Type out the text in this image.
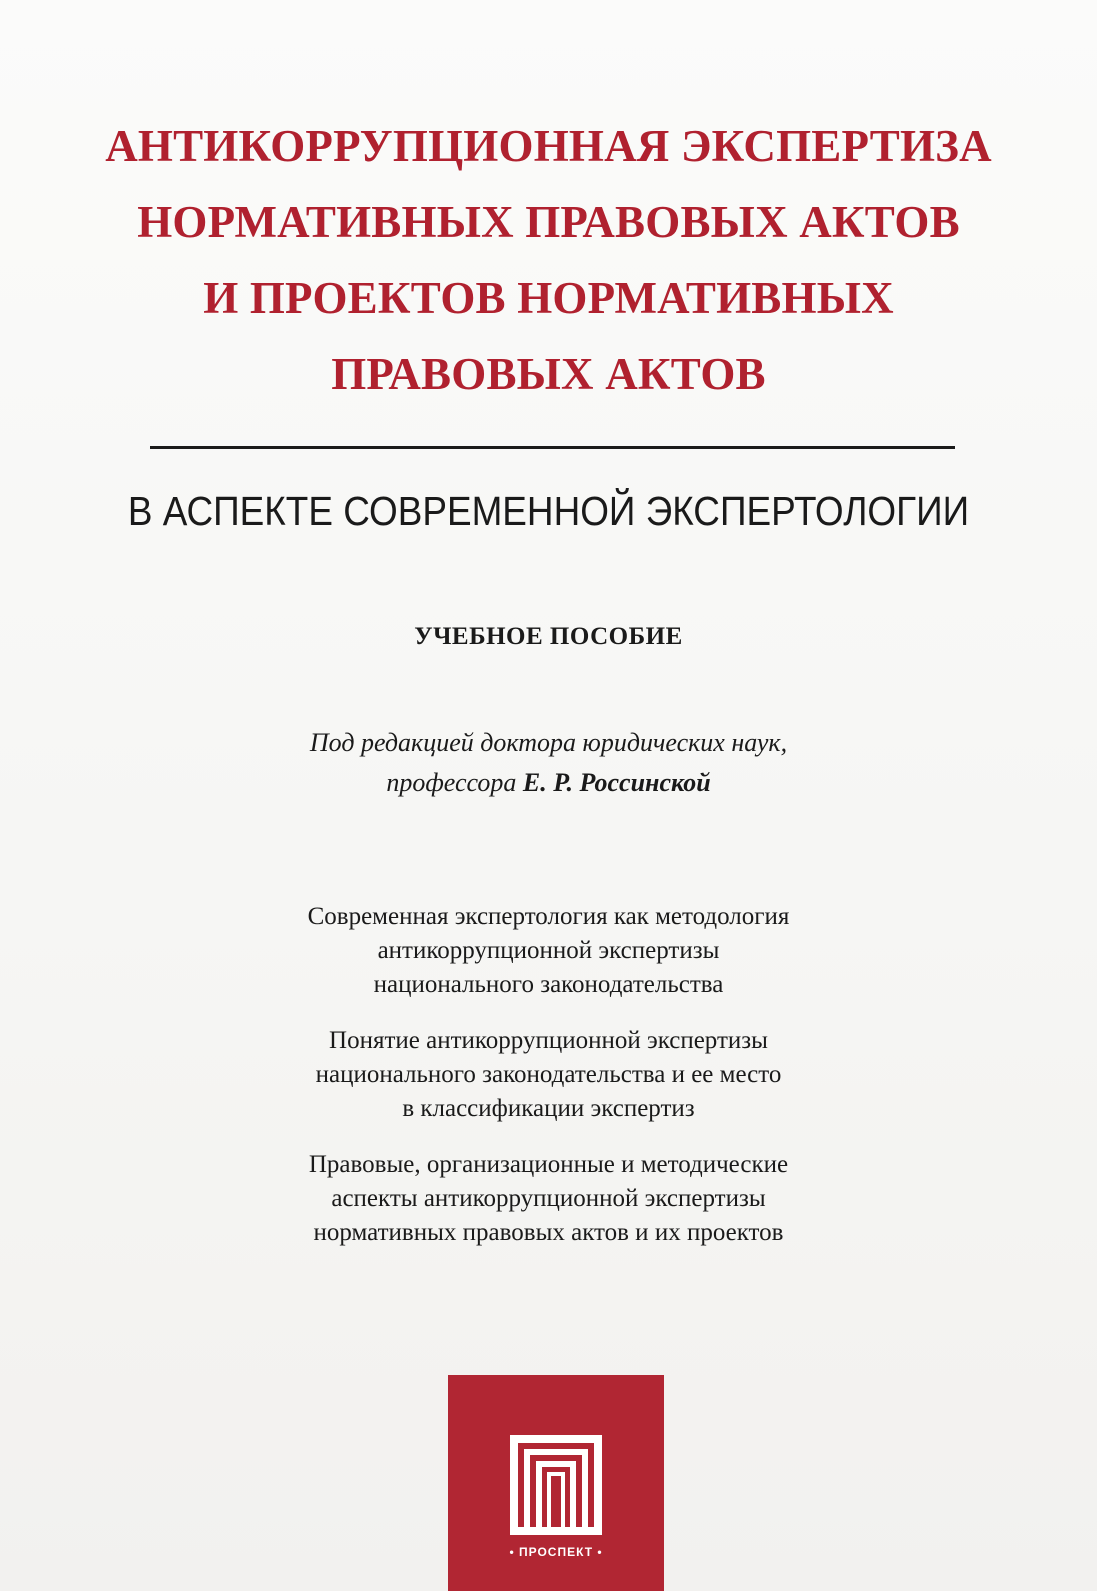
АНТИКОРРУПЦИОННАЯ ЭКСПЕРТИЗА
НОРМАТИВНЫХ ПРАВОВЫХ АКТОВ
И ПРОЕКТОВ НОРМАТИВНЫХ
ПРАВОВЫХ АКТОВ
В АСПЕКТЕ СОВРЕМЕННОЙ ЭКСПЕРТОЛОГИИ
УЧЕБНОЕ ПОСОБИЕ
Под редакцией доктора юридических наук,
профессора Е. Р. Россинской
Современная экспертология как методология
антикоррупционной экспертизы
национального законодательства
Понятие антикоррупционной экспертизы
национального законодательства и ее место
в классификации экспертиз
Правовые, организационные и методические
аспекты антикоррупционной экспертизы
нормативных правовых актов и их проектов
• ПРОСПЕКТ •
